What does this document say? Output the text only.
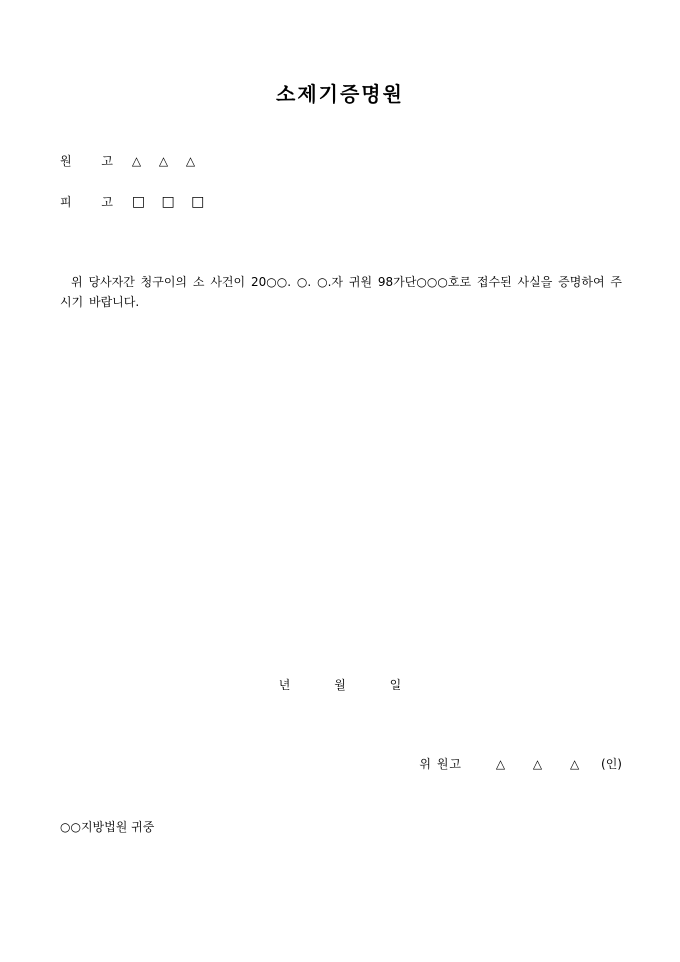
소제기증명원
원 고 △ △ △
피 고 □ □ □
위 당사자간 청구이의 소 사건이 20○○. ○. ○.자 귀원 98가단○○○호로 접수된 사실을 증명하여 주시기 바랍니다.
년	월	일
위 원고	△ △ △ (인)
○○지방법원 귀중
